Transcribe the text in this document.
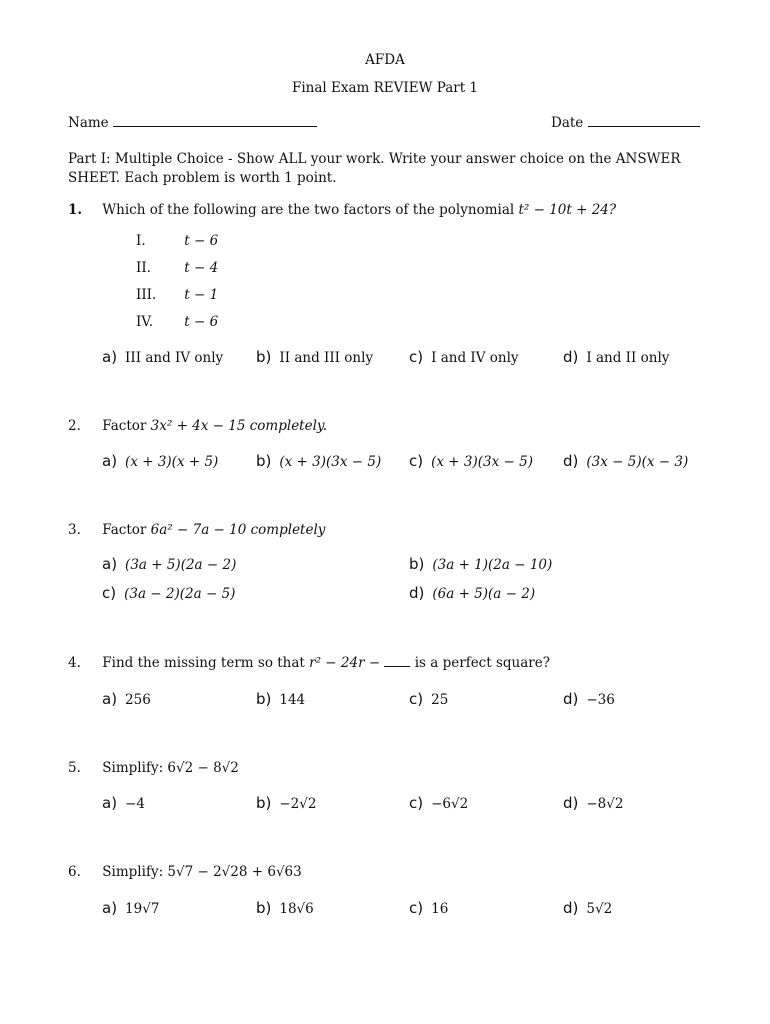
AFDA
Final Exam REVIEW Part 1
Name	Date
Part I: Multiple Choice - Show ALL your work. Write your answer choice on the ANSWER
SHEET. Each problem is worth 1 point.
1. Which of the following are the two factors of the polynomial t² − 10t + 24?
I.	t − 6
II. t − 4
III. t − 1
IV. t − 6
a) III and IV only b) II and III only c) I and IV only	d) I and II only
2. Factor 3x² + 4x − 15 completely.
a) (x + 3)(x + 5)	b) (x + 3)(3x − 5) c) (x + 3)(3x − 5) d) (3x − 5)(x − 3)
3. Factor 6a² − 7a − 10 completely
a) (3a + 5)(2a − 2)	b) (3a + 1)(2a − 10)
c) (3a − 2)(2a − 5)	d) (6a + 5)(a − 2)
4. Find the missing term so that r² − 24r −	is a perfect square?
a) 256	b) 144	c) 25	d) −36
5. Simplify: 6√2 − 8√2
a) −4	b) −2√2	c) −6√2	d) −8√2
6. Simplify: 5√7 − 2√28 + 6√63
a) 19√7	b) 18√6	c) 16	d) 5√2
